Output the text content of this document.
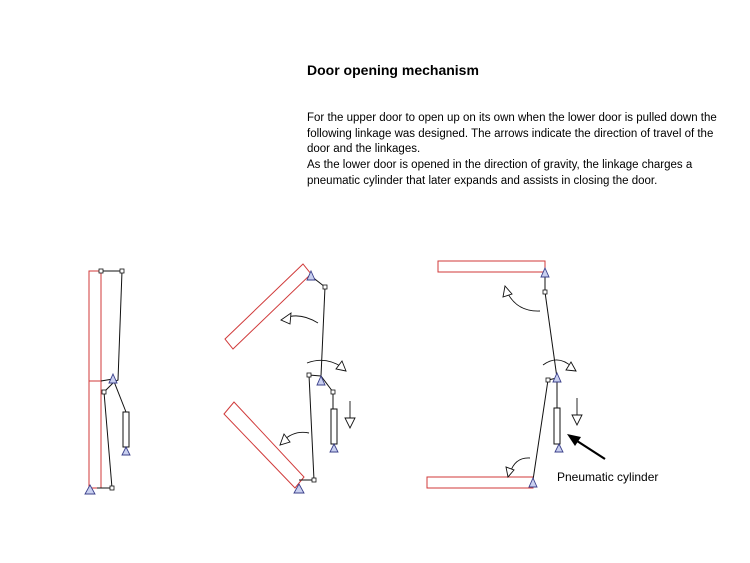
Door opening mechanism

For the upper door to open up on its own when the lower door is pulled down the following linkage was designed. The arrows indicate the direction of travel of the door and the linkages.

As the lower door is opened in the direction of gravity, the linkage charges a pneumatic cylinder that later expands and assists in closing the door.

Pneumatic cylinder
